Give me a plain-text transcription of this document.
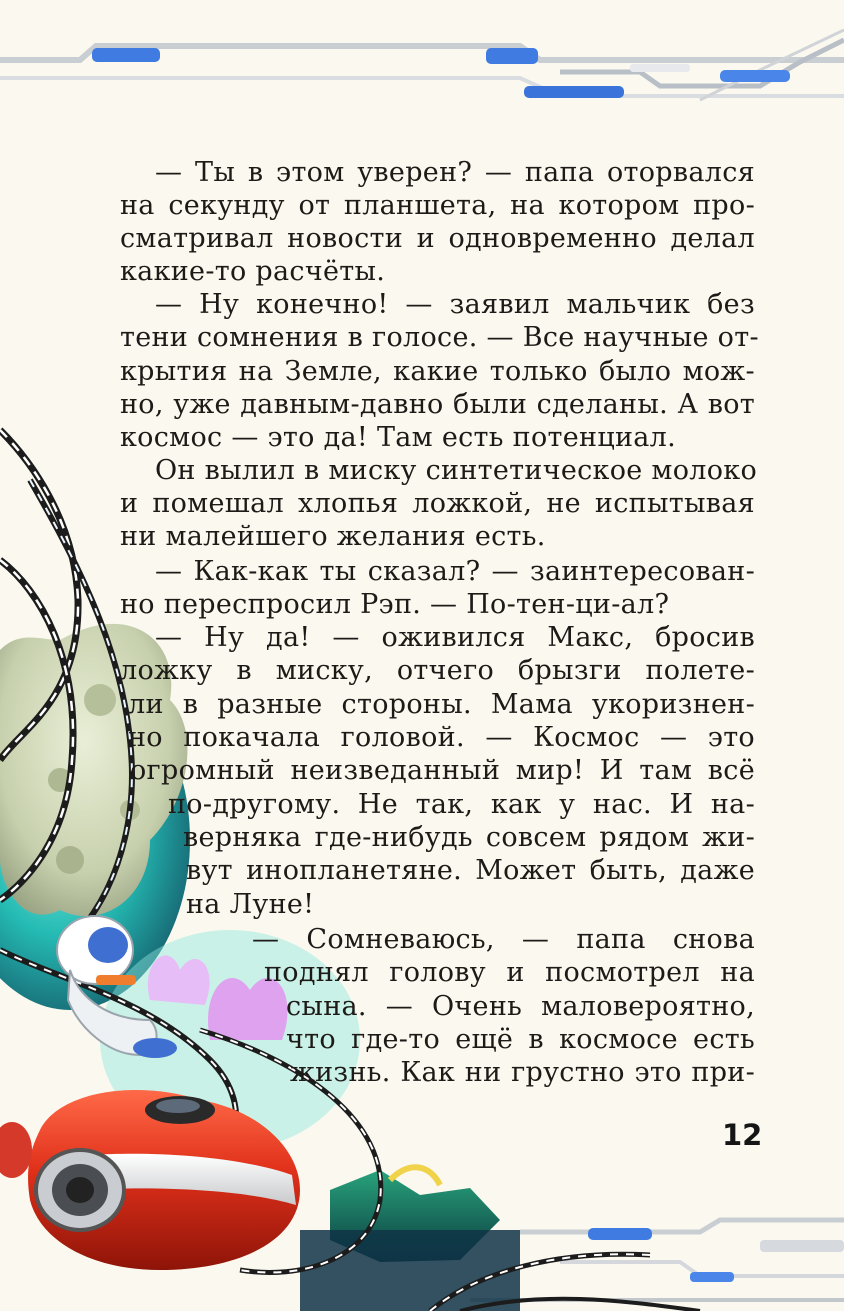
— Ты в этом уверен? — папа оторвался

на секунду от планшета, на котором про-

сматривал новости и одновременно делал

какие-то расчёты.

— Ну конечно! — заявил мальчик без

тени сомнения в голосе. — Все научные от-

крытия на Земле, какие только было мож-

но, уже давным-давно были сделаны. А вот

космос — это да! Там есть потенциал.

Он вылил в миску синтетическое молоко

и помешал хлопья ложкой, не испытывая

ни малейшего желания есть.

— Как-как ты сказал? — заинтересован-

но переспросил Рэп. — По-тен-ци-ал?

— Ну да! — оживился Макс, бросив

ложку в миску, отчего брызги полете-

ли в разные стороны. Мама укоризнен-

но покачала головой. — Космос — это

огромный неизведанный мир! И там всё

по-другому. Не так, как у нас. И на-

верняка где-нибудь совсем рядом жи-

вут инопланетяне. Может быть, даже

на Луне!

— Сомневаюсь, — папа снова

поднял голову и посмотрел на

сына. — Очень маловероятно,

что где-то ещё в космосе есть

жизнь. Как ни грустно это при-

12
